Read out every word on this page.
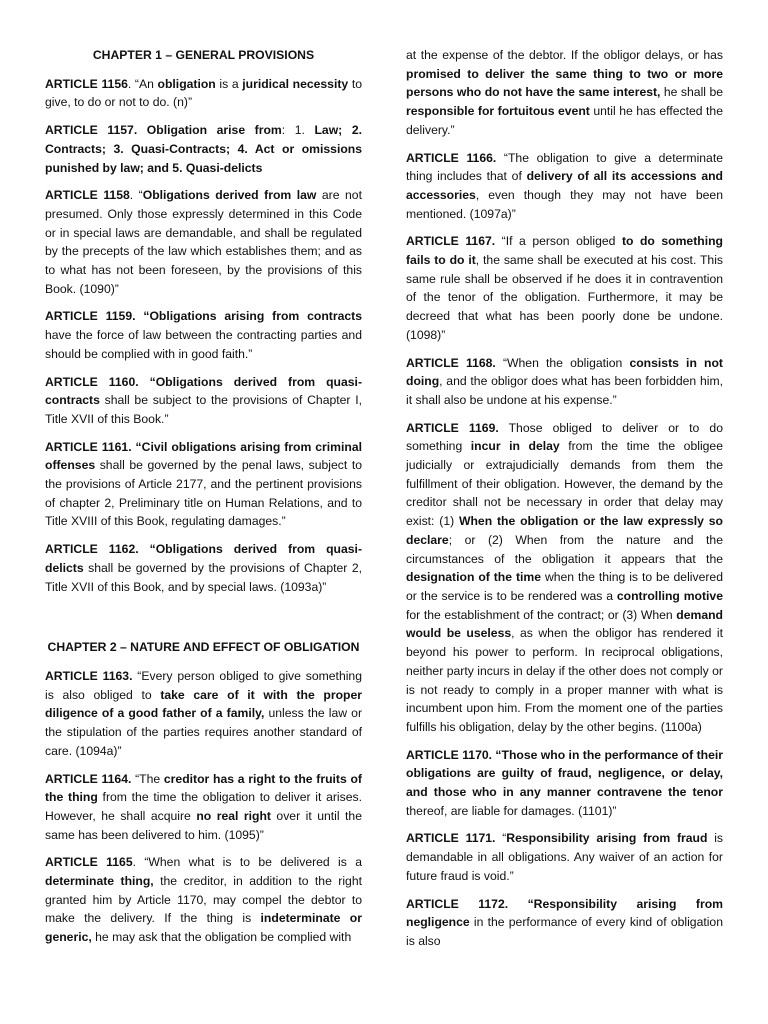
CHAPTER 1 – GENERAL PROVISIONS

ARTICLE 1156. “An obligation is a juridical necessity to give, to do or not to do. (n)”

ARTICLE 1157. Obligation arise from: 1. Law; 2. Contracts; 3. Quasi-Contracts; 4. Act or omissions punished by law; and 5. Quasi-delicts

ARTICLE 1158. “Obligations derived from law are not presumed. Only those expressly determined in this Code or in special laws are demandable, and shall be regulated by the precepts of the law which establishes them; and as to what has not been foreseen, by the provisions of this Book. (1090)”

ARTICLE 1159. “Obligations arising from contracts have the force of law between the contracting parties and should be complied with in good faith.”

ARTICLE 1160. “Obligations derived from quasi-contracts shall be subject to the provisions of Chapter I, Title XVII of this Book.”

ARTICLE 1161. “Civil obligations arising from criminal offenses shall be governed by the penal laws, subject to the provisions of Article 2177, and the pertinent provisions of chapter 2, Preliminary title on Human Relations, and to Title XVIII of this Book, regulating damages.”

ARTICLE 1162. “Obligations derived from quasi-delicts shall be governed by the provisions of Chapter 2, Title XVII of this Book, and by special laws. (1093a)”

CHAPTER 2 – NATURE AND EFFECT OF OBLIGATION

ARTICLE 1163. “Every person obliged to give something is also obliged to take care of it with the proper diligence of a good father of a family, unless the law or the stipulation of the parties requires another standard of care. (1094a)”

ARTICLE 1164. “The creditor has a right to the fruits of the thing from the time the obligation to deliver it arises. However, he shall acquire no real right over it until the same has been delivered to him. (1095)”

ARTICLE 1165. “When what is to be delivered is a determinate thing, the creditor, in addition to the right granted him by Article 1170, may compel the debtor to make the delivery. If the thing is indeterminate or generic, he may ask that the obligation be complied with

at the expense of the debtor. If the obligor delays, or has promised to deliver the same thing to two or more persons who do not have the same interest, he shall be responsible for fortuitous event until he has effected the delivery.”

ARTICLE 1166. “The obligation to give a determinate thing includes that of delivery of all its accessions and accessories, even though they may not have been mentioned. (1097a)”

ARTICLE 1167. “If a person obliged to do something fails to do it, the same shall be executed at his cost. This same rule shall be observed if he does it in contravention of the tenor of the obligation. Furthermore, it may be decreed that what has been poorly done be undone. (1098)”

ARTICLE 1168. “When the obligation consists in not doing, and the obligor does what has been forbidden him, it shall also be undone at his expense.”

ARTICLE 1169. Those obliged to deliver or to do something incur in delay from the time the obligee judicially or extrajudicially demands from them the fulfillment of their obligation. However, the demand by the creditor shall not be necessary in order that delay may exist: (1) When the obligation or the law expressly so declare; or (2) When from the nature and the circumstances of the obligation it appears that the designation of the time when the thing is to be delivered or the service is to be rendered was a controlling motive for the establishment of the contract; or (3) When demand would be useless, as when the obligor has rendered it beyond his power to perform. In reciprocal obligations, neither party incurs in delay if the other does not comply or is not ready to comply in a proper manner with what is incumbent upon him. From the moment one of the parties fulfills his obligation, delay by the other begins. (1100a)

ARTICLE 1170. “Those who in the performance of their obligations are guilty of fraud, negligence, or delay, and those who in any manner contravene the tenor thereof, are liable for damages. (1101)”

ARTICLE 1171. “Responsibility arising from fraud is demandable in all obligations. Any waiver of an action for future fraud is void.”

ARTICLE 1172. “Responsibility arising from negligence in the performance of every kind of obligation is also
